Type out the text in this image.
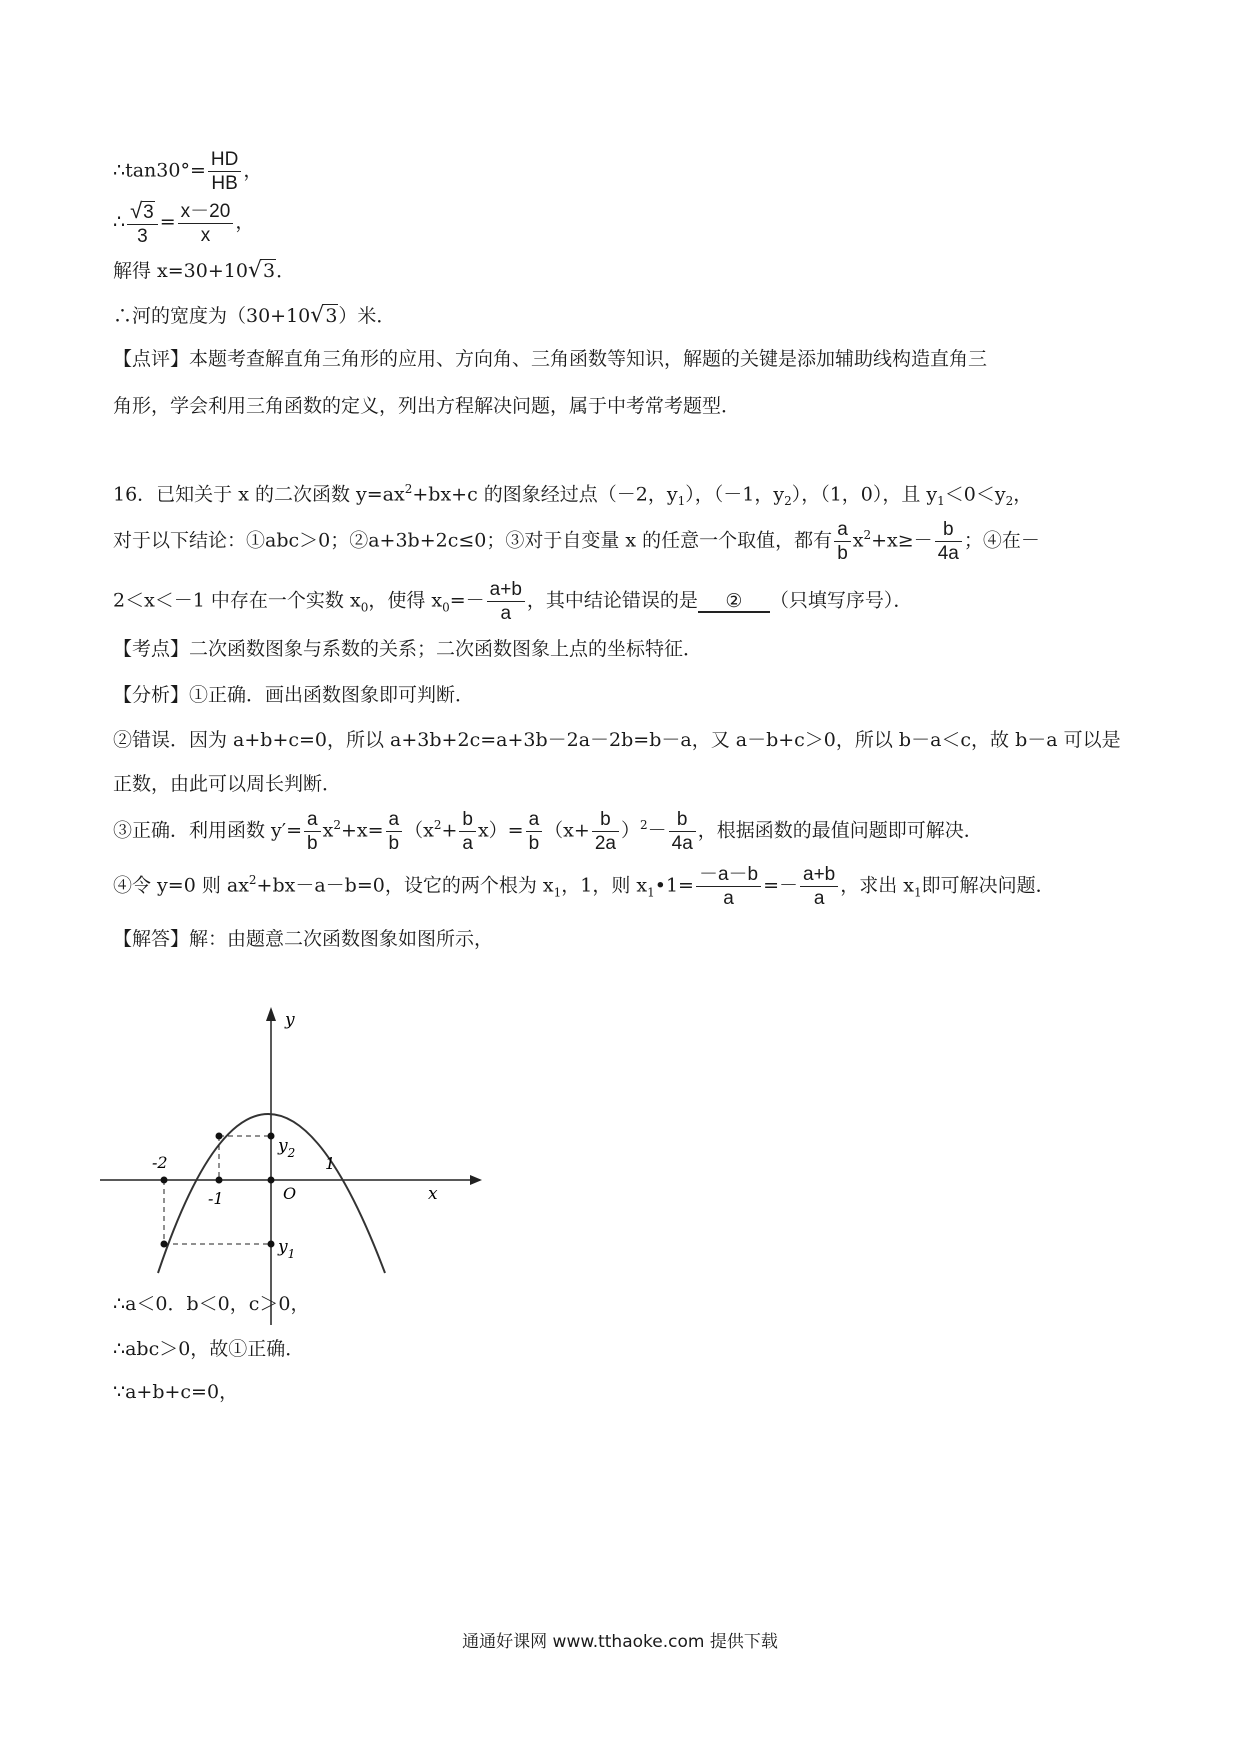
∴tan30°= $\frac{HD}{HB}$ ，
∴ $\frac{√3}{3} = \frac{x-20}{x}$ ，
解得 x=30+10√3．
∴河的宽度为（30+10√3）米．
【点评】本题考查解直角三角形的应用、方向角、三角函数等知识，解题的关键是添加辅助线构造直角三
角形，学会利用三角函数的定义，列出方程解决问题，属于中考常考题型．
16．已知关于 x 的二次函数 $y=ax^2+bx+c$ 的图象经过点（－2，$y_1$），（－1，$y_2$），（1，0），且 $y_1<0<y_2$，
对于以下结论：①abc＞0；②a+3b+2c≤0；③对于自变量 x 的任意一个取值，都有 $\frac{a}{b} x^2+x\ge- \frac{b}{4a}$ ；④在－
2＜x＜－1 中存在一个实数 $x_0$，使得 $x_0=- \frac{a+b}{a}$ ，其中结论错误的是 ② （只填写序号）．
【考点】二次函数图象与系数的关系；二次函数图象上点的坐标特征．
【分析】①正确．画出函数图象即可判断．
②错误．因为 a+b+c=0，所以 a+3b+2c=a+3b－2a－2b=b－a，又 a－b+c＞0，所以 b－a＜c，故 b－a 可以是
正数，由此可以周长判断．
③正确．利用函数 $y'= \frac{a}{b} x^2+x= \frac{a}{b} (x^2+ \frac{b}{a} x)= \frac{a}{b} (x+ \frac{b}{2a} )^2- \frac{b}{4a}$ ，根据函数的最值问题即可解决．
④令 y=0 则 $ax^2+bx-a-b=0$，设它的两个根为 $x_1$，1，则 $x_1•1= \frac{-a-b}{a} =- \frac{a+b}{a}$ ，求出 $x_1$即可解决问题．
【解答】解：由题意二次函数图象如图所示，
y
x
O
-2
-1
1
$y_2$
$y_1$
∴a＜0．b＜0，c＞0，
∴abc＞0，故①正确．
∵a+b+c=0，
通通好课网 www.tthaoke.com 提供下载
